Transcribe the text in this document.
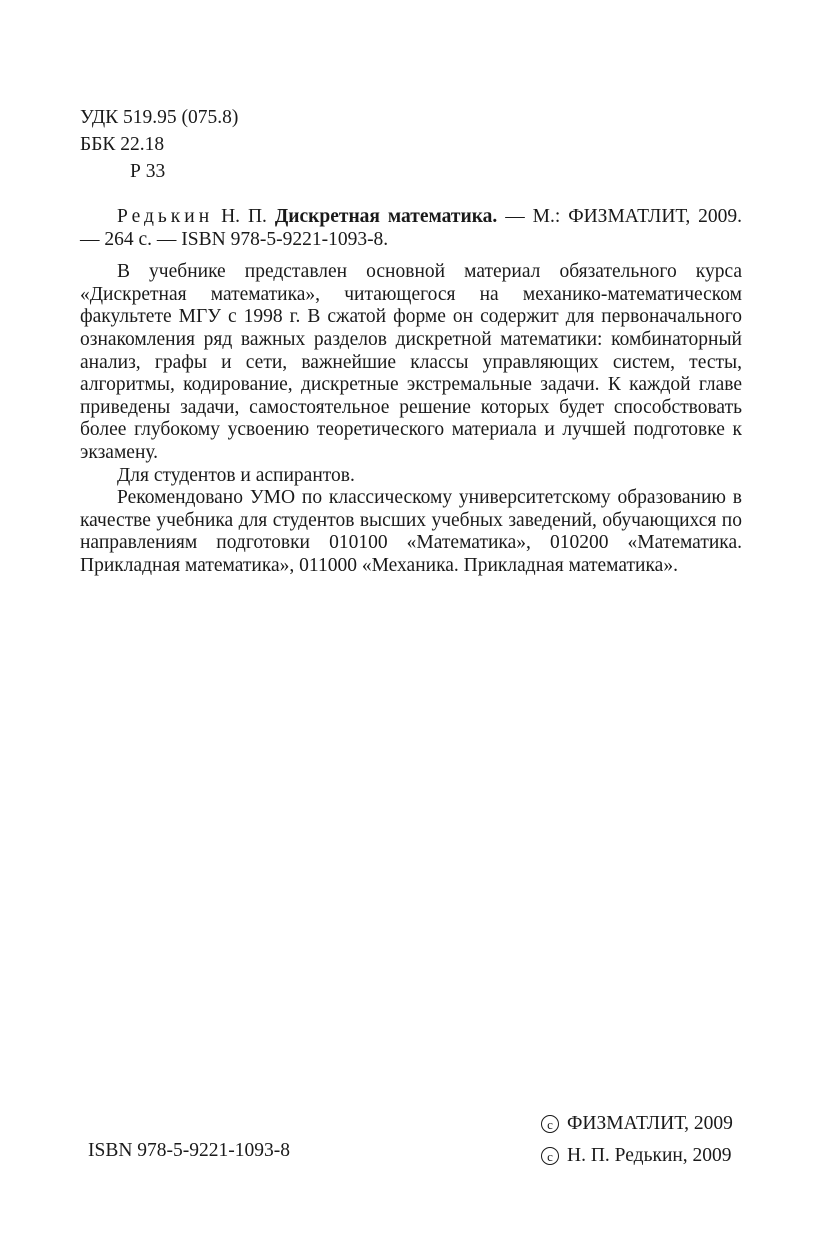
УДК 519.95 (075.8)
ББК 22.18
Р 33

Редькин Н. П. Дискретная математика. — М.: ФИЗМАТЛИТ, 2009. — 264 с. — ISBN 978-5-9221-1093-8.

В учебнике представлен основной материал обязательного курса «Дискретная математика», читающегося на механико-математическом факультете МГУ с 1998 г. В сжатой форме он содержит для первоначального ознакомления ряд важных разделов дискретной математики: комбинаторный анализ, графы и сети, важнейшие классы управляющих систем, тесты, алгоритмы, кодирование, дискретные экстремальные задачи. К каждой главе приведены задачи, самостоятельное решение которых будет способствовать более глубокому усвоению теоретического материала и лучшей подготовке к экзамену.

Для студентов и аспирантов.

Рекомендовано УМО по классическому университетскому образованию в качестве учебника для студентов высших учебных заведений, обучающихся по направлениям подготовки 010100 «Математика», 010200 «Математика. Прикладная математика», 011000 «Механика. Прикладная математика».

ISBN 978-5-9221-1093-8
c ФИЗМАТЛИТ, 2009
c Н. П. Редькин, 2009
